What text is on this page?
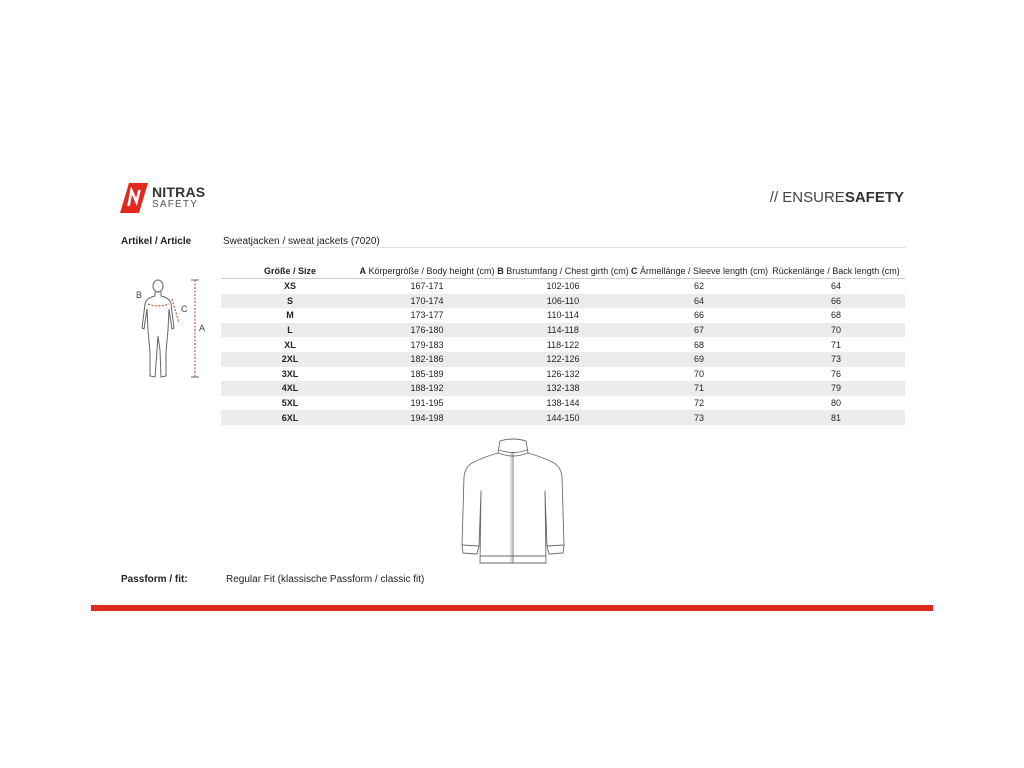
NITRAS
SAFETY	// ENSURESAFETY
Artikel / Article	Sweatjacken / sweat jackets (7020)
B
C
A
Größe / Size	A Körpergröße / Body height (cm)	B Brustumfang / Chest girth (cm)	C Ärmellänge / Sleeve length (cm)	Rückenlänge / Back length (cm)
XS	167-171	102-106	62	64
S	170-174	106-110	64	66
M	173-177	110-114	66	68
L	176-180	114-118	67	70
XL	179-183	118-122	68	71
2XL	182-186	122-126	69	73
3XL	185-189	126-132	70	76
4XL	188-192	132-138	71	79
5XL	191-195	138-144	72	80
6XL	194-198	144-150	73	81
Passform / fit:	Regular Fit (klassische Passform / classic fit)
